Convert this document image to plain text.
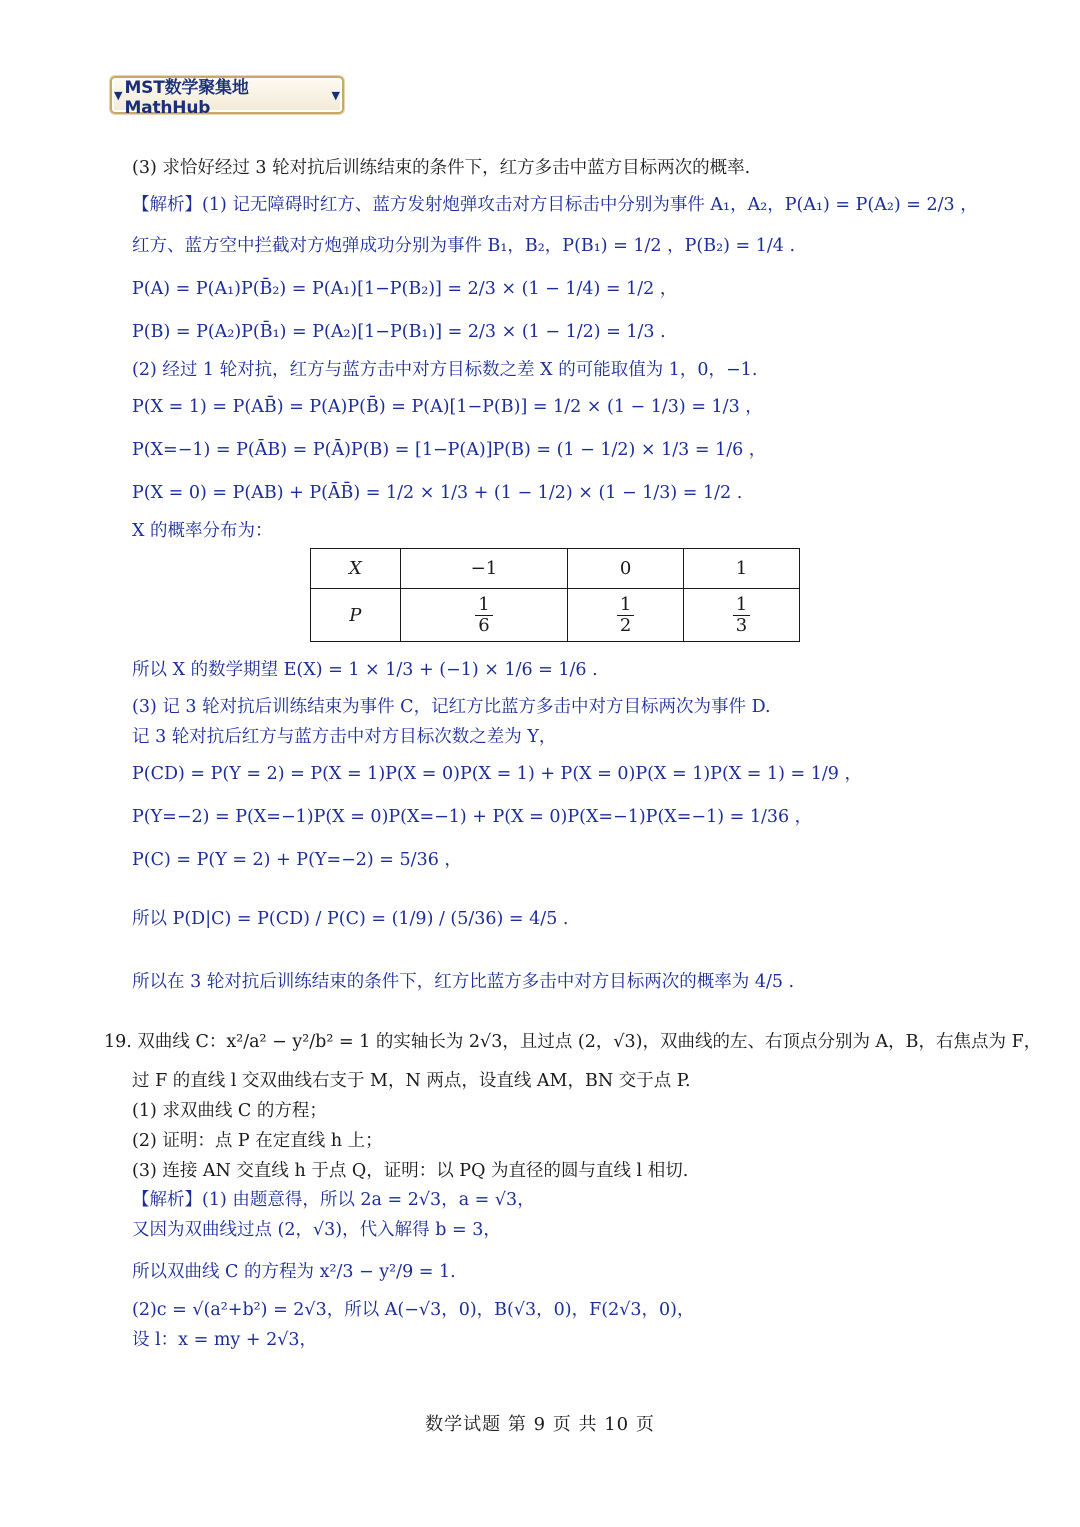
▼ MST数学聚集地MathHub
▼
(3) 求恰好经过 3 轮对抗后训练结束的条件下，红方多击中蓝方目标两次的概率.
【解析】(1) 记无障碍时红方、蓝方发射炮弹攻击对方目标击中分别为事件 A₁，A₂，P(A₁) = P(A₂) = 2/3 ，
红方、蓝方空中拦截对方炮弹成功分别为事件 B₁，B₂，P(B₁) = 1/2 ，P(B₂) = 1/4 .
P(A) = P(A₁)P(B̄₂) = P(A₁)[1−P(B₂)] = 2/3 × (1 − 1/4) = 1/2 ，
P(B) = P(A₂)P(B̄₁) = P(A₂)[1−P(B₁)] = 2/3 × (1 − 1/2) = 1/3 .
(2) 经过 1 轮对抗，红方与蓝方击中对方目标数之差 X 的可能取值为 1，0，−1.
P(X = 1) = P(AB̄) = P(A)P(B̄) = P(A)[1−P(B)] = 1/2 × (1 − 1/3) = 1/3 ，
P(X=−1) = P(ĀB) = P(Ā)P(B) = [1−P(A)]P(B) = (1 − 1/2) × 1/3 = 1/6 ，
P(X = 0) = P(AB) + P(ĀB̄) = 1/2 × 1/3 + (1 − 1/2) × (1 − 1/3) = 1/2 .
X 的概率分布为：
所以 X 的数学期望 E(X) = 1 × 1/3 + (−1) × 1/6 = 1/6 .
(3) 记 3 轮对抗后训练结束为事件 C，记红方比蓝方多击中对方目标两次为事件 D.
记 3 轮对抗后红方与蓝方击中对方目标次数之差为 Y，
P(CD) = P(Y = 2) = P(X = 1)P(X = 0)P(X = 1) + P(X = 0)P(X = 1)P(X = 1) = 1/9 ，
P(Y=−2) = P(X=−1)P(X = 0)P(X=−1) + P(X = 0)P(X=−1)P(X=−1) = 1/36 ，
P(C) = P(Y = 2) + P(Y=−2) = 5/36 ，
所以 P(D|C) = P(CD) / P(C) = (1/9) / (5/36) = 4/5 .
所以在 3 轮对抗后训练结束的条件下，红方比蓝方多击中对方目标两次的概率为 4/5 .
19. 双曲线 C：x²/a² − y²/b² = 1 的实轴长为 2√3，且过点 (2，√3)，双曲线的左、右顶点分别为 A，B，右焦点为 F，
过 F 的直线 l 交双曲线右支于 M，N 两点，设直线 AM，BN 交于点 P.
(1) 求双曲线 C 的方程；
(2) 证明：点 P 在定直线 h 上；
(3) 连接 AN 交直线 h 于点 Q，证明：以 PQ 为直径的圆与直线 l 相切.
【解析】(1) 由题意得，所以 2a = 2√3，a = √3，
又因为双曲线过点 (2，√3)，代入解得 b = 3，
所以双曲线 C 的方程为 x²/3 − y²/9 = 1.
(2)c = √(a²+b²) = 2√3，所以 A(−√3，0)，B(√3，0)，F(2√3，0)，
设 l：x = my + 2√3，
X	−1	0	1
P	$\frac{1}{6}$	$\frac{1}{2}$	$\frac{1}{3}$
数学试题 第 9 页 共 10 页
